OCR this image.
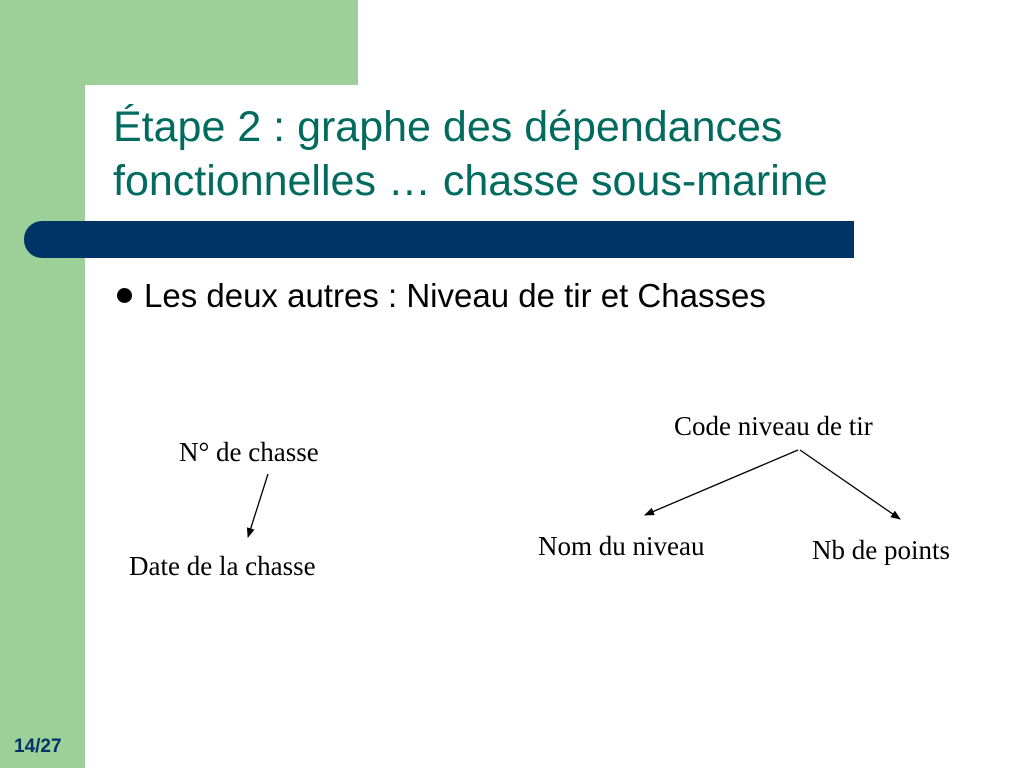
Étape 2 : graphe des dépendances
fonctionnelles … chasse sous-marine
Les deux autres : Niveau de tir et Chasses
N° de chasse
Date de la chasse
Code niveau de tir
Nom du niveau	Nb de points
14/27
